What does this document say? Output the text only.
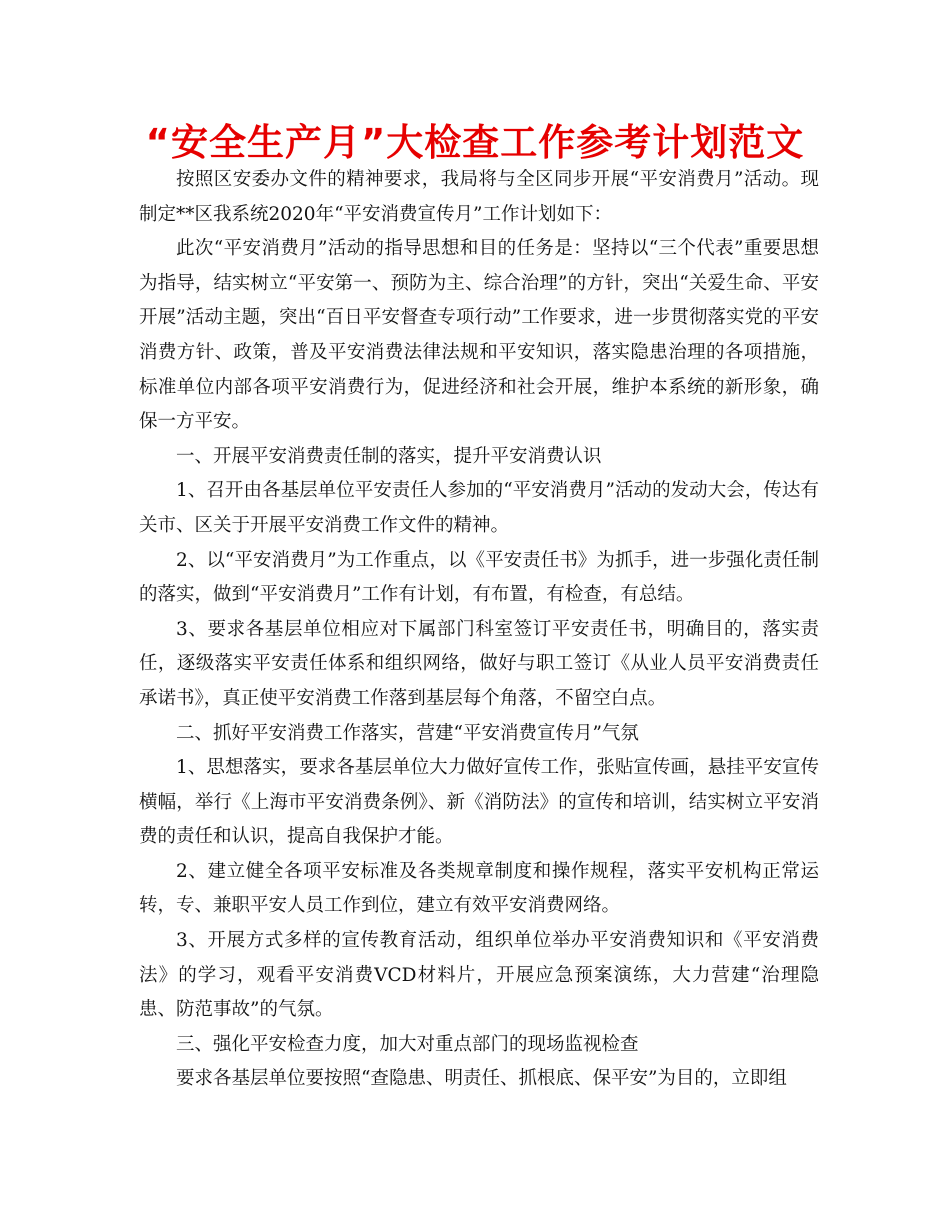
“安全生产月”大检查工作参考计划范文

按照区安委办文件的精神要求，我局将与全区同步开展“平安消费月”活动。现制定**区我系统2020年“平安消费宣传月”工作计划如下：

此次“平安消费月”活动的指导思想和目的任务是：坚持以“三个代表”重要思想为指导，结实树立“平安第一、预防为主、综合治理”的方针，突出“关爱生命、平安开展”活动主题，突出“百日平安督查专项行动”工作要求，进一步贯彻落实党的平安消费方针、政策，普及平安消费法律法规和平安知识，落实隐患治理的各项措施，标准单位内部各项平安消费行为，促进经济和社会开展，维护本系统的新形象，确保一方平安。

一、开展平安消费责任制的落实，提升平安消费认识

1、召开由各基层单位平安责任人参加的“平安消费月”活动的发动大会，传达有关市、区关于开展平安消费工作文件的精神。

2、以“平安消费月”为工作重点，以《平安责任书》为抓手，进一步强化责任制的落实，做到“平安消费月”工作有计划，有布置，有检查，有总结。

3、要求各基层单位相应对下属部门科室签订平安责任书，明确目的，落实责任，逐级落实平安责任体系和组织网络，做好与职工签订《从业人员平安消费责任承诺书》，真正使平安消费工作落到基层每个角落，不留空白点。

二、抓好平安消费工作落实，营建“平安消费宣传月”气氛

1、思想落实，要求各基层单位大力做好宣传工作，张贴宣传画，悬挂平安宣传横幅，举行《上海市平安消费条例》、新《消防法》的宣传和培训，结实树立平安消费的责任和认识，提高自我保护才能。

2、建立健全各项平安标准及各类规章制度和操作规程，落实平安机构正常运转，专、兼职平安人员工作到位，建立有效平安消费网络。

3、开展方式多样的宣传教育活动，组织单位举办平安消费知识和《平安消费法》的学习，观看平安消费VCD材料片，开展应急预案演练，大力营建“治理隐患、防范事故”的气氛。

三、强化平安检查力度，加大对重点部门的现场监视检查

要求各基层单位要按照“查隐患、明责任、抓根底、保平安”为目的，立即组
